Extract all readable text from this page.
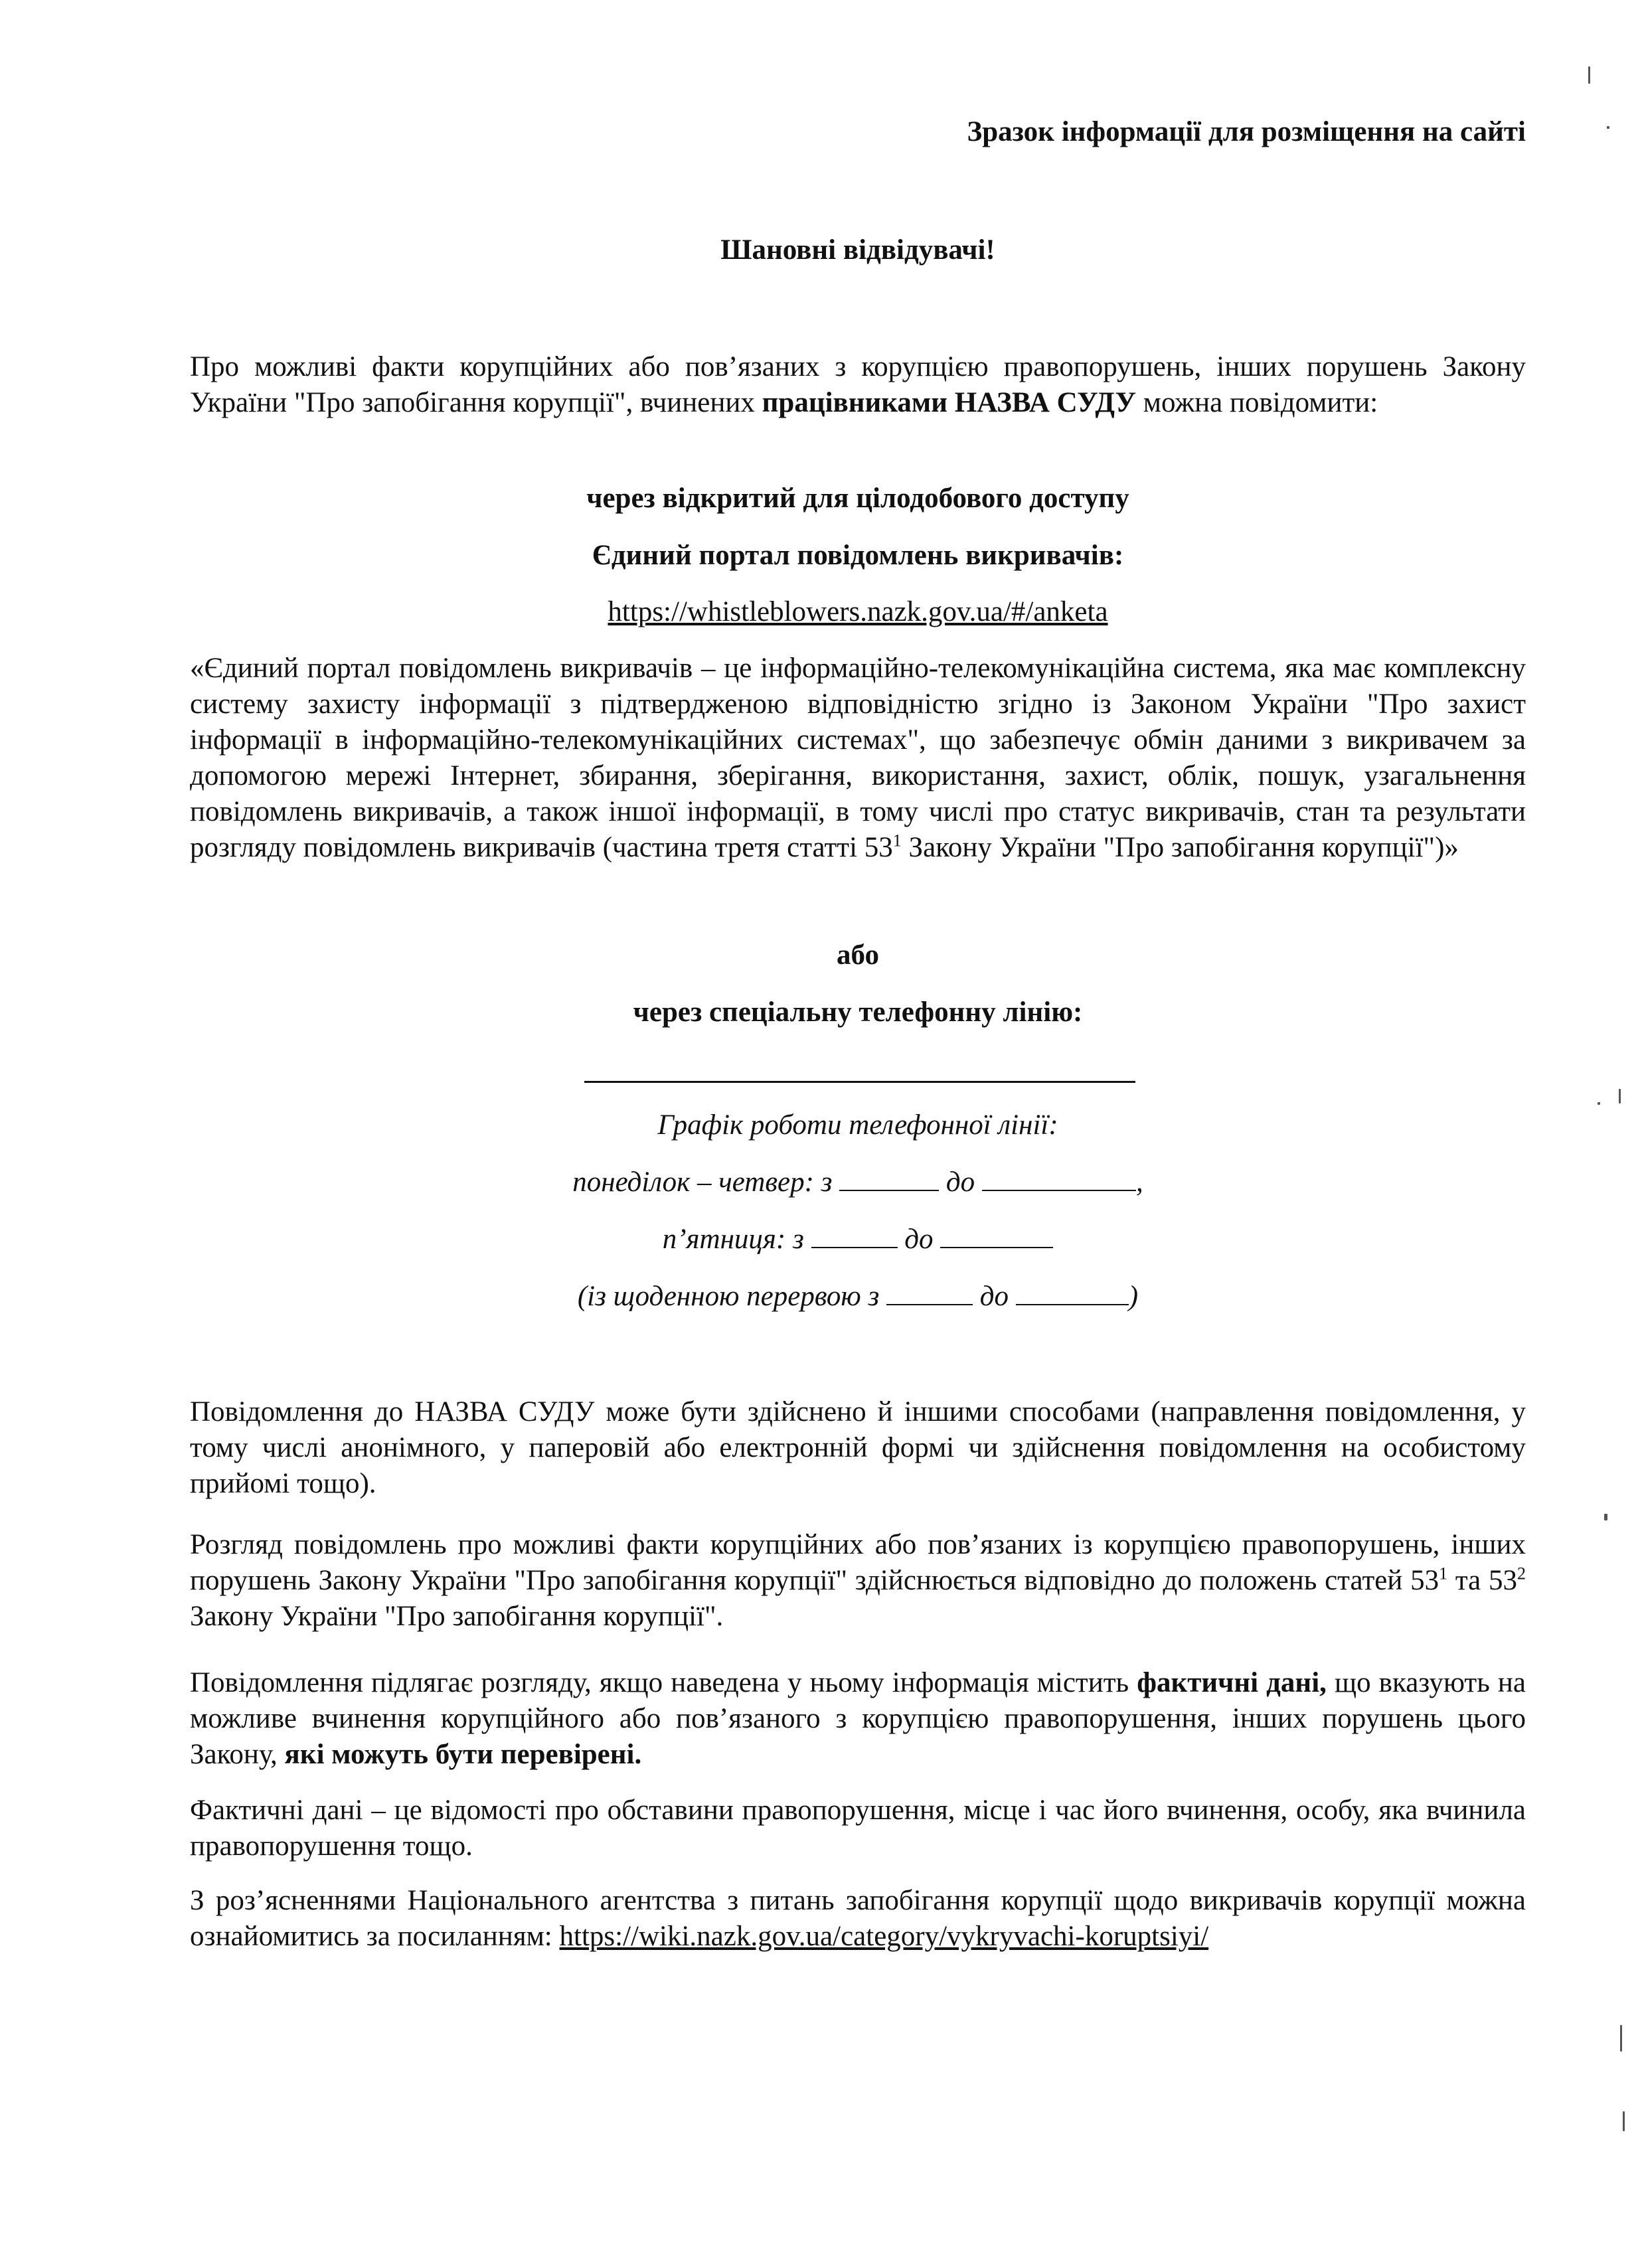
Зразок інформації для розміщення на сайті

Шановні відвідувачі!

Про можливі факти корупційних або пов’язаних з корупцією правопорушень, інших порушень Закону України "Про запобігання корупції", вчинених працівниками НАЗВА СУДУ можна повідомити:

через відкритий для цілодобового доступу

Єдиний портал повідомлень викривачів:

https://whistleblowers.nazk.gov.ua/#/anketa

«Єдиний портал повідомлень викривачів – це інформаційно-телекомунікаційна система, яка має комплексну систему захисту інформації з підтвердженою відповідністю згідно із Законом України "Про захист інформації в інформаційно-телекомунікаційних системах", що забезпечує обмін даними з викривачем за допомогою мережі Інтернет, збирання, зберігання, використання, захист, облік, пошук, узагальнення повідомлень викривачів, а також іншої інформації, в тому числі про статус викривачів, стан та результати розгляду повідомлень викривачів (частина третя статті $53^1$ Закону України "Про запобігання корупції")»

або

через спеціальну телефонну лінію:

Графік роботи телефонної лінії:

понеділок – четвер: з	до	,

п’ятниця: з	до

(із щоденною перервою з	до	)

Повідомлення до НАЗВА СУДУ може бути здійснено й іншими способами (направлення повідомлення, у тому числі анонімного, у паперовій або електронній формі чи здійснення повідомлення на особистому прийомі тощо).

Розгляд повідомлень про можливі факти корупційних або пов’язаних із корупцією правопорушень, інших порушень Закону України "Про запобігання корупції" здійснюється відповідно до положень статей $53^1$ та $53^2$ Закону України "Про запобігання корупції".

Повідомлення підлягає розгляду, якщо наведена у ньому інформація містить фактичні дані, що вказують на можливе вчинення корупційного або пов’язаного з корупцією правопорушення, інших порушень цього Закону, які можуть бути перевірені.

Фактичні дані – це відомості про обставини правопорушення, місце і час його вчинення, особу, яка вчинила правопорушення тощо.

З роз’ясненнями Національного агентства з питань запобігання корупції щодо викривачів корупції можна ознайомитись за посиланням: https://wiki.nazk.gov.ua/category/vykryvachi-koruptsiyi/
